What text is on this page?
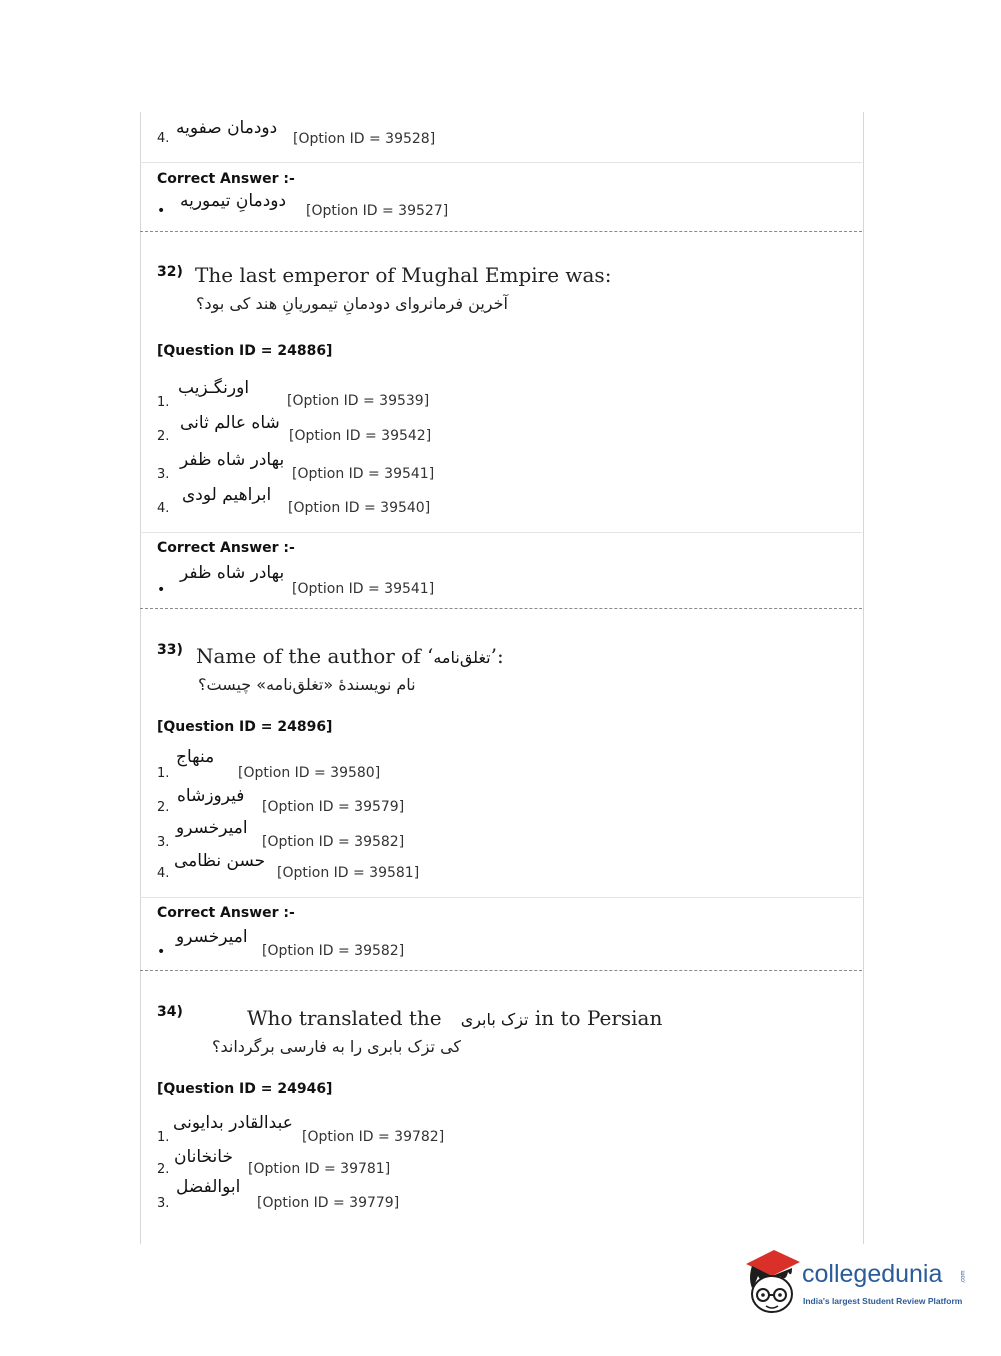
4.
دودمان صفویه
[Option ID = 39528]
Correct Answer :-
• دودمانِ تیموریه [Option ID = 39527]
32) The last emperor of Mughal Empire was:
آخرین فرمانروای دودمانِ تیموریانِ هند کی بود؟
[Question ID = 24886]
1.
اورنگـزیب
[Option ID = 39539]
2.
شاه عالم ثانی
[Option ID = 39542]
3.
بهادر شاه ظفر
[Option ID = 39541]
4.
ابراهیم لودی
[Option ID = 39540]
Correct Answer :-
•
بهادر شاه ظفر
[Option ID = 39541]
33) Name of the author of ‘تغلق‌نامه’:
نام نویسندهٔ «تغلق‌نامه» چیست؟
[Question ID = 24896]
1.
منهاج
[Option ID = 39580]
2.
فیروزشاه
[Option ID = 39579]
3.
امیرخسرو
[Option ID = 39582]
4.
حسن نظامی
[Option ID = 39581]
Correct Answer :-
•
امیرخسرو
[Option ID = 39582]
34)	Who translated the تزک بابری in to Persian
کی تزک بابری را به فارسی برگرداند؟
[Question ID = 24946]
1.
عبدالقادر بدایونی
[Option ID = 39782]
2.
خانخانان
[Option ID = 39781]
3.
ابوالفضل
[Option ID = 39779]
collegedunia	.com
India's largest Student Review Platform
